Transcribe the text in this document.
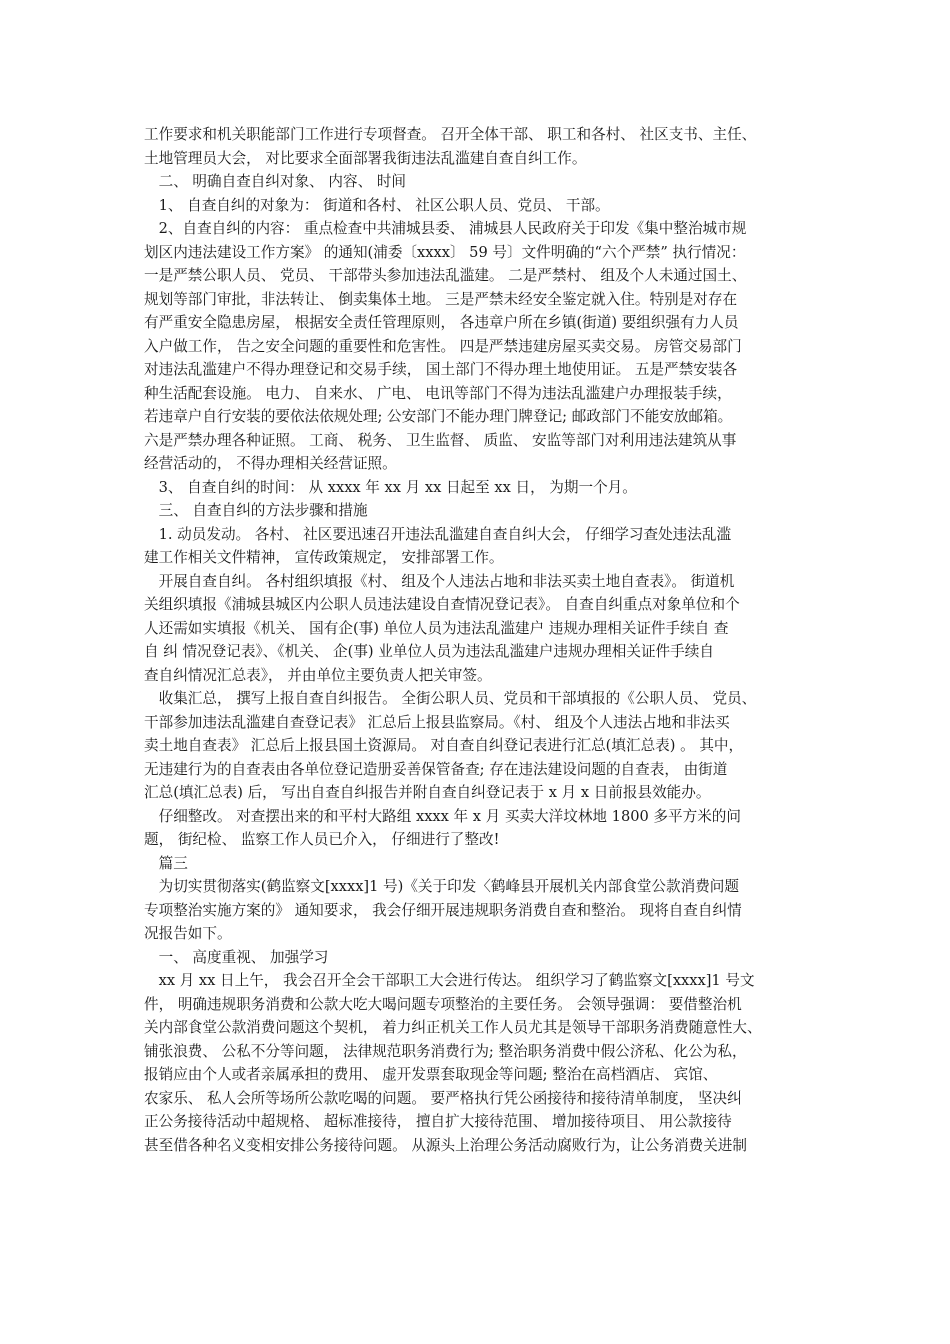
工作要求和机关职能部门工作进行专项督查。 召开全体干部、 职工和各村、 社区支书、主任、

土地管理员大会， 对比要求全面部署我街违法乱滥建自查自纠工作。

　二、 明确自查自纠对象、 内容、 时间

　1、 自查自纠的对象为： 街道和各村、 社区公职人员、党员、 干部。

　2、自查自纠的内容： 重点检查中共浦城县委、 浦城县人民政府关于印发《集中整治城市规

划区内违法建设工作方案》 的通知(浦委〔xxxx〕 59 号〕文件明确的“六个严禁” 执行情况：

一是严禁公职人员、 党员、 干部带头参加违法乱滥建。 二是严禁村、 组及个人未通过国土、

规划等部门审批，非法转让、 倒卖集体土地。 三是严禁未经安全鉴定就入住。特别是对存在

有严重安全隐患房屋， 根据安全责任管理原则， 各违章户所在乡镇(街道) 要组织强有力人员

入户做工作， 告之安全问题的重要性和危害性。 四是严禁违建房屋买卖交易。 房管交易部门

对违法乱滥建户不得办理登记和交易手续， 国土部门不得办理土地使用证。 五是严禁安装各

种生活配套设施。 电力、 自来水、 广电、 电讯等部门不得为违法乱滥建户办理报装手续，

若违章户自行安装的要依法依规处理; 公安部门不能办理门牌登记; 邮政部门不能安放邮箱。

六是严禁办理各种证照。 工商、 税务、 卫生监督、 质监、 安监等部门对利用违法建筑从事

经营活动的， 不得办理相关经营证照。

　3、 自查自纠的时间： 从 xxxx 年 xx 月 xx 日起至 xx 日， 为期一个月。

　三、 自查自纠的方法步骤和措施

　1. 动员发动。 各村、 社区要迅速召开违法乱滥建自查自纠大会， 仔细学习查处违法乱滥

建工作相关文件精神， 宣传政策规定， 安排部署工作。

　开展自查自纠。 各村组织填报《村、 组及个人违法占地和非法买卖土地自查表》。 街道机

关组织填报《浦城县城区内公职人员违法建设自查情况登记表》。 自查自纠重点对象单位和个

人还需如实填报《机关、 国有企(事) 单位人员为违法乱滥建户 违规办理相关证件手续自 查

自 纠 情况登记表》、《机关、 企(事) 业单位人员为违法乱滥建户违规办理相关证件手续自

查自纠情况汇总表》， 并由单位主要负责人把关审签。

　收集汇总， 撰写上报自查自纠报告。 全街公职人员、党员和干部填报的《公职人员、 党员、

干部参加违法乱滥建自查登记表》 汇总后上报县监察局。《村、 组及个人违法占地和非法买

卖土地自查表》 汇总后上报县国土资源局。 对自查自纠登记表进行汇总(填汇总表) 。 其中，

无违建行为的自查表由各单位登记造册妥善保管备查; 存在违法建设问题的自查表， 由街道

汇总(填汇总表) 后， 写出自查自纠报告并附自查自纠登记表于 x 月 x 日前报县效能办。

　仔细整改。 对查摆出来的和平村大路组 xxxx 年 x 月 买卖大洋坟林地 1800 多平方米的问

题， 街纪检、 监察工作人员已介入， 仔细进行了整改!

　篇三

　为切实贯彻落实(鹤监察文[xxxx]1 号)《关于印发〈鹤峰县开展机关内部食堂公款消费问题

专项整治实施方案的》 通知要求， 我会仔细开展违规职务消费自查和整治。 现将自查自纠情

况报告如下。

　一、 高度重视、 加强学习

　xx 月 xx 日上午， 我会召开全会干部职工大会进行传达。 组织学习了鹤监察文[xxxx]1 号文

件， 明确违规职务消费和公款大吃大喝问题专项整治的主要任务。 会领导强调： 要借整治机

关内部食堂公款消费问题这个契机， 着力纠正机关工作人员尤其是领导干部职务消费随意性大、

铺张浪费、 公私不分等问题， 法律规范职务消费行为; 整治职务消费中假公济私、化公为私，

报销应由个人或者亲属承担的费用、 虚开发票套取现金等问题; 整治在高档酒店、 宾馆、

农家乐、 私人会所等场所公款吃喝的问题。 要严格执行凭公函接待和接待清单制度， 坚决纠

正公务接待活动中超规格、 超标准接待， 擅自扩大接待范围、 增加接待项目、 用公款接待

甚至借各种名义变相安排公务接待问题。 从源头上治理公务活动腐败行为，让公务消费关进制
